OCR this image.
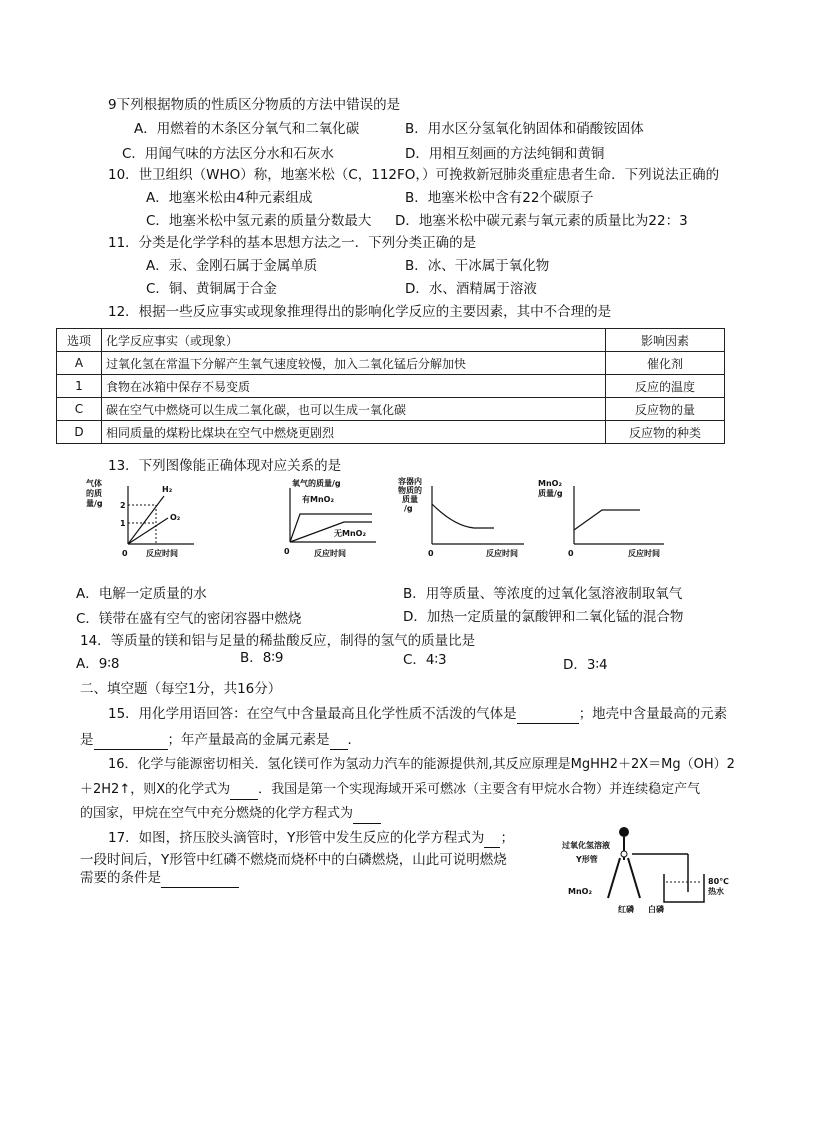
9下列根据物质的性质区分物质的方法中错误的是
A．用燃着的木条区分氧气和二氧化碳	B．用水区分氢氧化钠固体和硝酸铵固体
C．用闻气味的方法区分水和石灰水	D．用相互刻画的方法纯铜和黄铜
10．世卫组织（WHO）称，地塞米松（C，112FO，）可挽救新冠肺炎重症患者生命．下列说法正确的
A．地塞米松由4种元素组成	B．地塞米松中含有22个碳原子
C．地塞米松中氢元素的质量分数最大 D．地塞米松中碳元素与氧元素的质量比为22：3
11．分类是化学学科的基本思想方法之一．下列分类正确的是
A．汞、金刚石属于金属单质	B．冰、干冰属于氧化物
C．铜、黄铜属于合金	D．水、酒精属于溶液
12．根据一些反应事实或现象推理得出的影响化学反应的主要因素，其中不合理的是
选项	化学反应事实（或现象）	影响因素
A	过氧化氢在常温下分解产生氧气速度较慢，加入二氧化锰后分解加快	催化剂
1	食物在冰箱中保存不易变质	反应的温度
C	碳在空气中燃烧可以生成二氧化碳，也可以生成一氧化碳	反应物的量
D	相同质量的煤粉比煤块在空气中燃烧更剧烈	反应物的种类
13．下列图像能正确体现对应关系的是
气体
的质
量/g 2
1
H₂
O₂
0 反应时间
氧气的质量/g
有MnO₂
无MnO₂
0	反应时间
容器内
物质的
质量
/g
0	反应时间
MnO₂
质量/g
0	反应时间
A．电解一定质量的水	B．用等质量、等浓度的过氧化氢溶液制取氧气
C．镁带在盛有空气的密闭容器中燃烧	D．加热一定质量的氯酸钾和二氧化锰的混合物
14．等质量的镁和铝与足量的稀盐酸反应，制得的氢气的质量比是
A．9∶8	B．8∶9	C．4∶3	D．3∶4
二、填空题（每空1分，共16分）
15．用化学用语回答：在空气中含量最高且化学性质不活泼的气体是	；地壳中含量最高的元素
是	；年产量最高的金属元素是 ．
16．化学与能源密切相关．氢化镁可作为氢动力汽车的能源提供剂,其反应原理是MgHH2＋2X＝Mg（OH）2
＋2H2↑，则X的化学式为 ．我国是第一个实现海域开采可燃冰（主要含有甲烷水合物）并连续稳定产气
的国家，甲烷在空气中充分燃烧的化学方程式为
17．如图，挤压胶头滴管时，Y形管中发生反应的化学方程式为 ；
一段时间后，Y形管中红磷不燃烧而烧杯中的白磷燃烧，山此可说明燃烧
需要的条件是
过氧化氢溶液
Y形管
MnO₂
80℃
热水
红磷 白磷
